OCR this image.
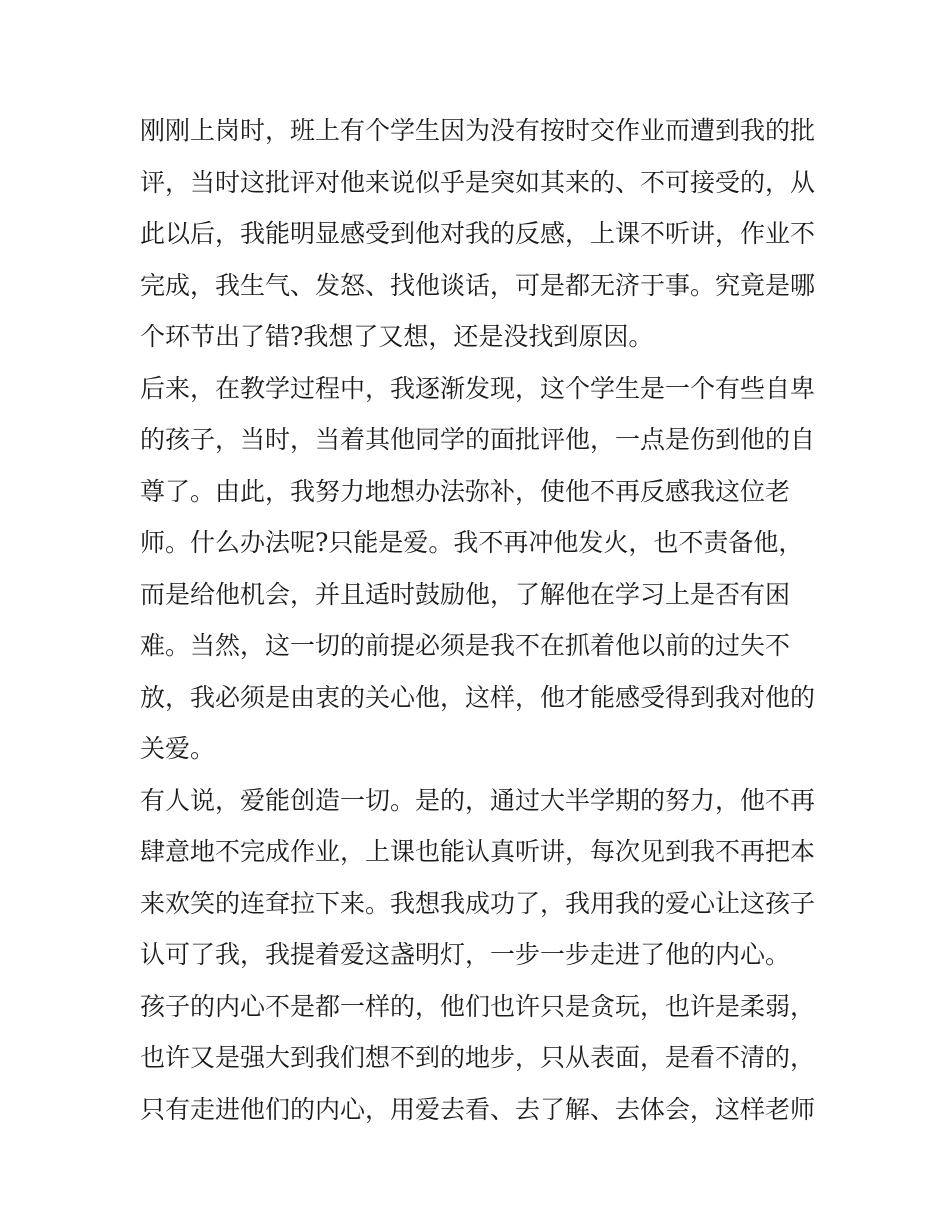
刚刚上岗时，班上有个学生因为没有按时交作业而遭到我的批
评，当时这批评对他来说似乎是突如其来的、不可接受的，从
此以后，我能明显感受到他对我的反感，上课不听讲，作业不
完成，我生气、发怒、找他谈话，可是都无济于事。究竟是哪
个环节出了错?我想了又想，还是没找到原因。
后来，在教学过程中，我逐渐发现，这个学生是一个有些自卑
的孩子，当时，当着其他同学的面批评他，一点是伤到他的自
尊了。由此，我努力地想办法弥补，使他不再反感我这位老
师。什么办法呢?只能是爱。我不再冲他发火，也不责备他，
而是给他机会，并且适时鼓励他，了解他在学习上是否有困
难。当然，这一切的前提必须是我不在抓着他以前的过失不
放，我必须是由衷的关心他，这样，他才能感受得到我对他的
关爱。
有人说，爱能创造一切。是的，通过大半学期的努力，他不再
肆意地不完成作业，上课也能认真听讲，每次见到我不再把本
来欢笑的连耷拉下来。我想我成功了，我用我的爱心让这孩子
认可了我，我提着爱这盏明灯，一步一步走进了他的内心。
孩子的内心不是都一样的，他们也许只是贪玩，也许是柔弱，
也许又是强大到我们想不到的地步，只从表面，是看不清的，
只有走进他们的内心，用爱去看、去了解、去体会，这样老师
